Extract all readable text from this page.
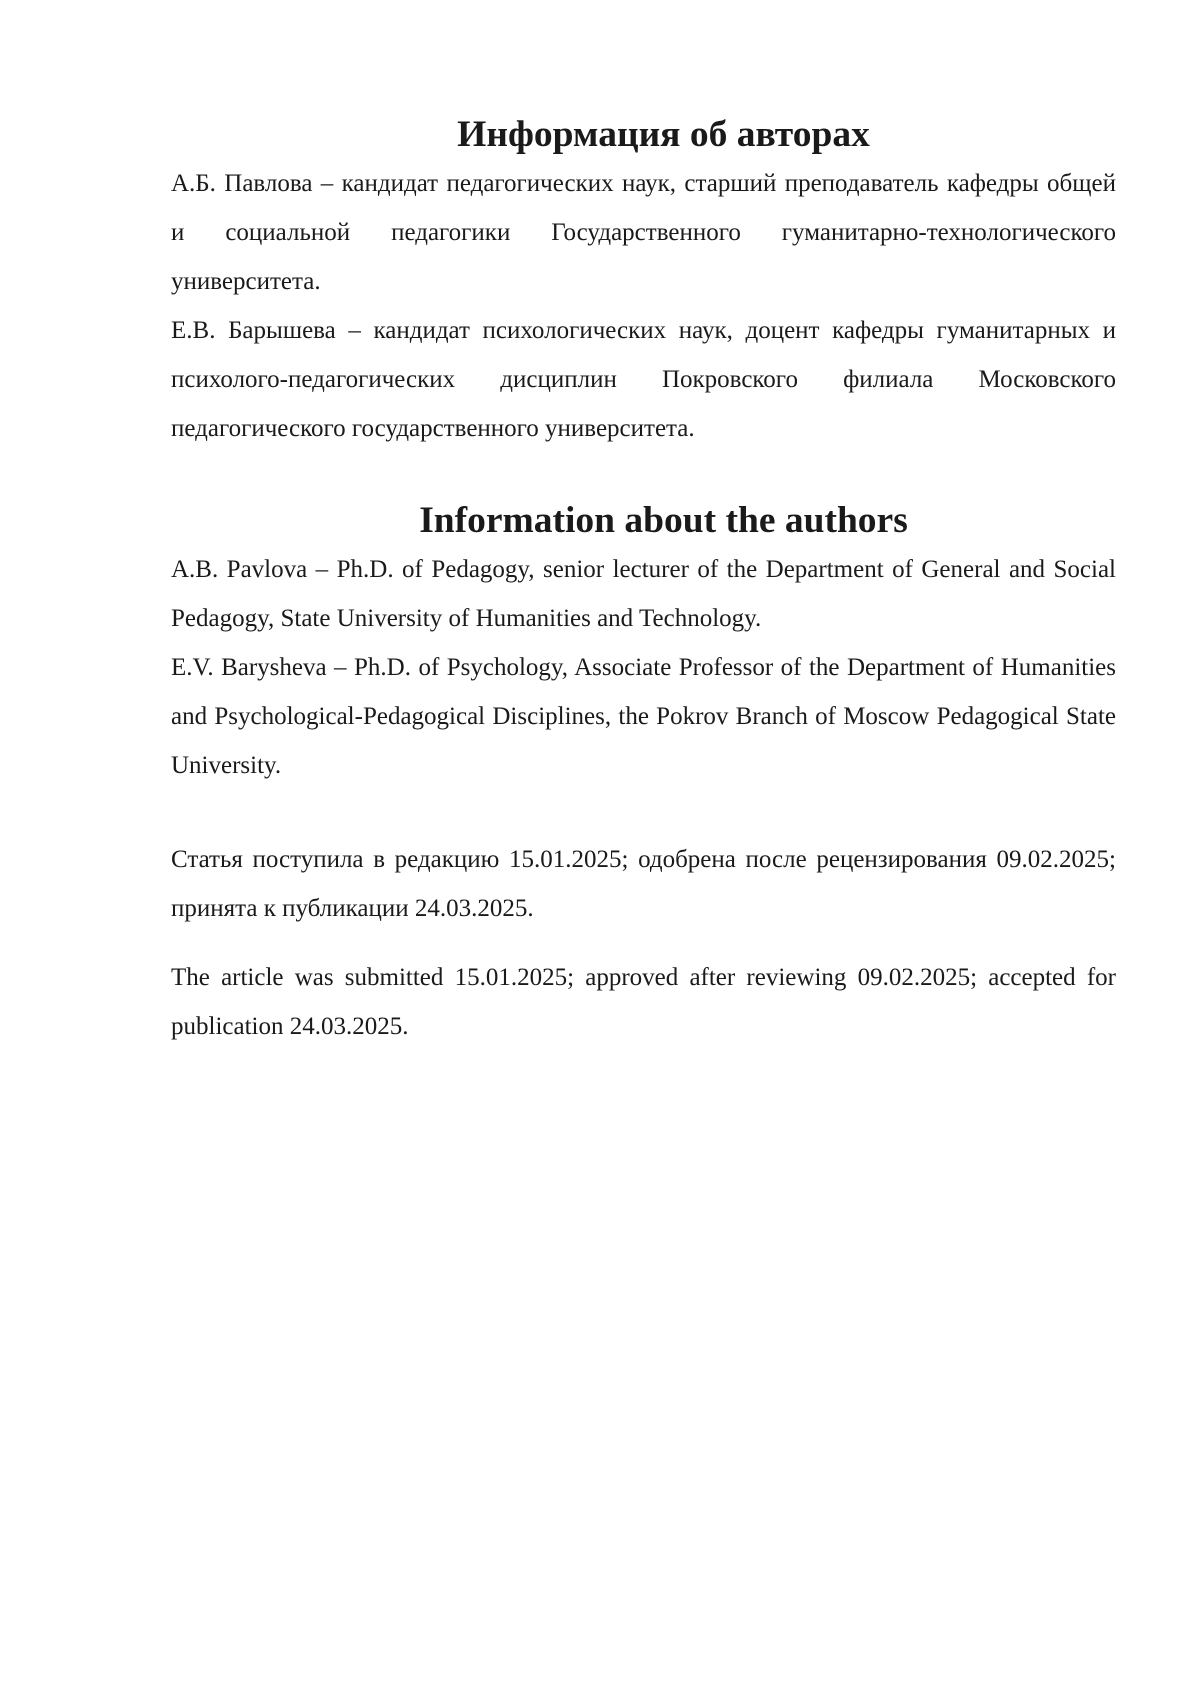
Информация об авторах

А.Б. Павлова – кандидат педагогических наук, старший преподаватель кафедры общей и социальной педагогики Государственного гуманитарно-технологического университета.

Е.В. Барышева – кандидат психологических наук, доцент кафедры гуманитарных и психолого-педагогических дисциплин Покровского филиала Московского педагогического государственного университета.

Information about the authors

A.B. Pavlova – Ph.D. of Pedagogy, senior lecturer of the Department of General and Social Pedagogy, State University of Humanities and Technology.

E.V. Barysheva – Ph.D. of Psychology, Associate Professor of the Department of Humanities and Psychological-Pedagogical Disciplines, the Pokrov Branch of Moscow Pedagogical State University.

Статья поступила в редакцию 15.01.2025; одобрена после рецензирования 09.02.2025; принята к публикации 24.03.2025.

The article was submitted 15.01.2025; approved after reviewing 09.02.2025; accepted for publication 24.03.2025.
